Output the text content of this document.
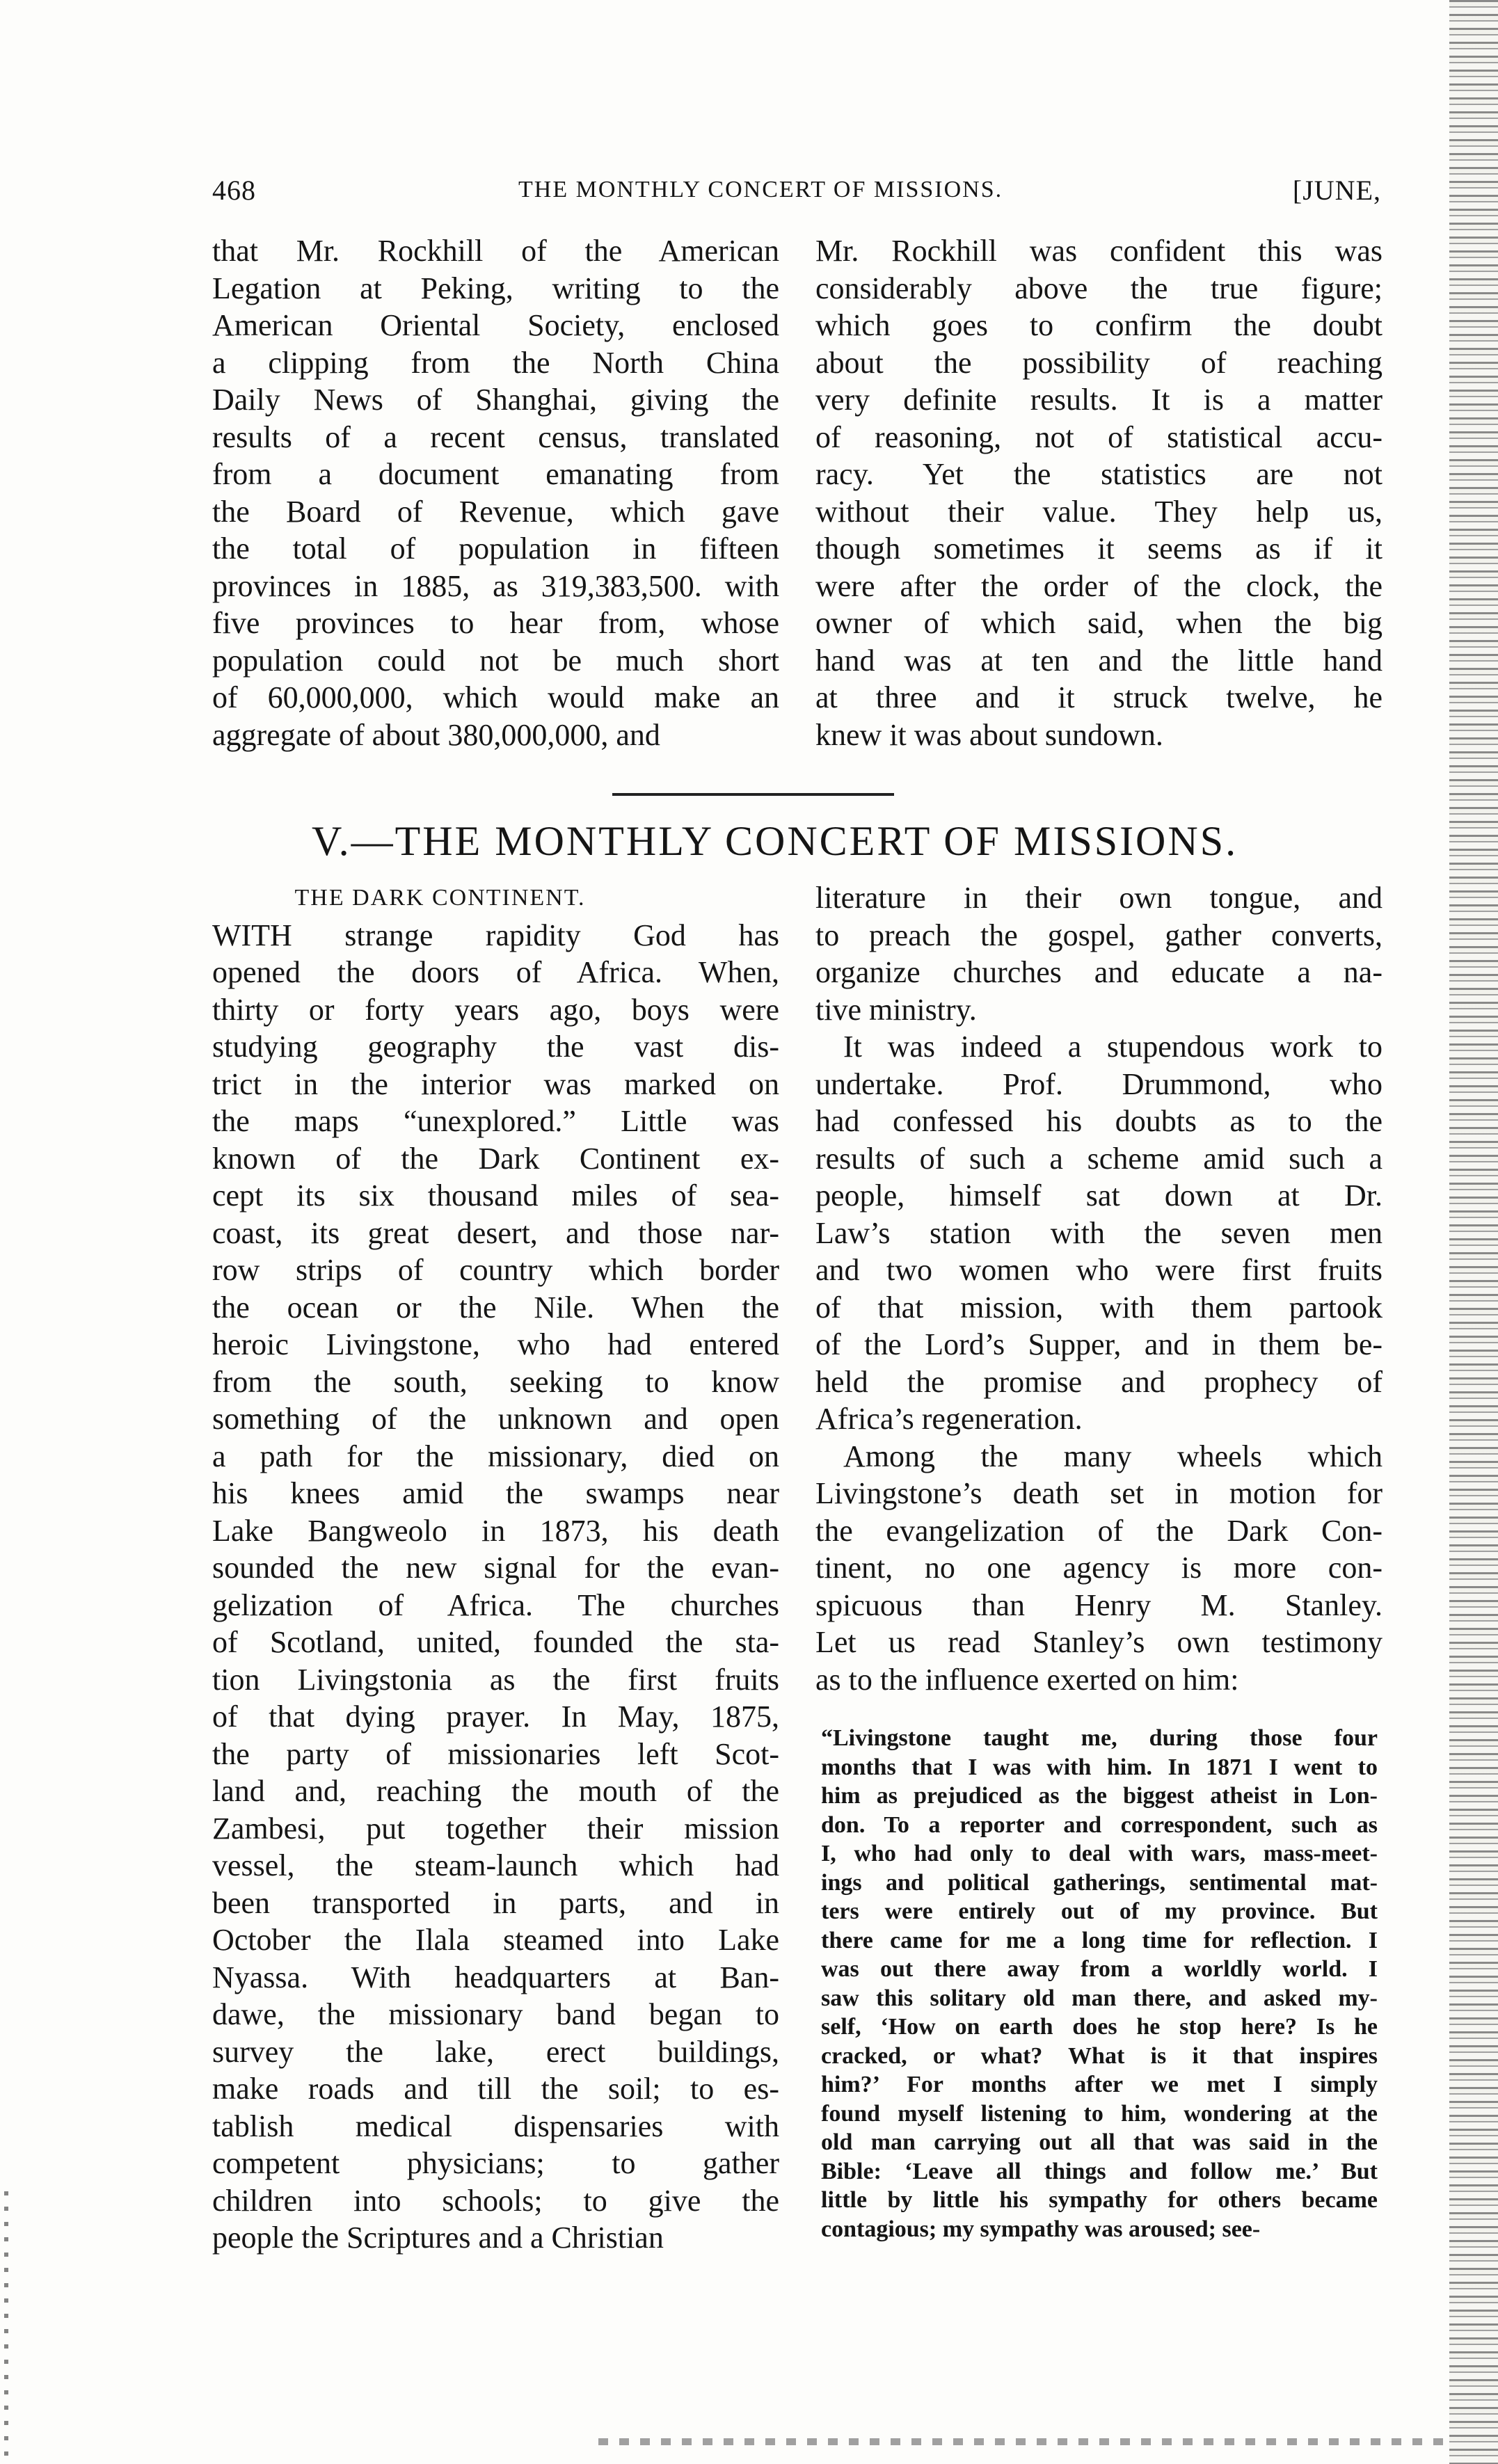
468	THE MONTHLY CONCERT OF MISSIONS.	[JUNE,
that Mr. Rockhill of the American
Legation at Peking, writing to the
American Oriental Society, enclosed
a clipping from the North China
Daily News of Shanghai, giving the
results of a recent census, translated
from a document emanating from
the Board of Revenue, which gave
the total of population in fifteen
provinces in 1885, as 319,383,500. with
five provinces to hear from, whose
population could not be much short
of 60,000,000, which would make an
aggregate of about 380,000,000, and
Mr. Rockhill was confident this was
considerably above the true figure;
which goes to confirm the doubt
about the possibility of reaching
very definite results. It is a matter
of reasoning, not of statistical accu-
racy. Yet the statistics are not
without their value. They help us,
though sometimes it seems as if it
were after the order of the clock, the
owner of which said, when the big
hand was at ten and the little hand
at three and it struck twelve, he
knew it was about sundown.
V.—THE MONTHLY CONCERT OF MISSIONS.
THE DARK CONTINENT.
WITH strange rapidity God has
opened the doors of Africa. When,
thirty or forty years ago, boys were
studying geography the vast dis-
trict in the interior was marked on
the maps “unexplored.” Little was
known of the Dark Continent ex-
cept its six thousand miles of sea-
coast, its great desert, and those nar-
row strips of country which border
the ocean or the Nile. When the
heroic Livingstone, who had entered
from the south, seeking to know
something of the unknown and open
a path for the missionary, died on
his knees amid the swamps near
Lake Bangweolo in 1873, his death
sounded the new signal for the evan-
gelization of Africa. The churches
of Scotland, united, founded the sta-
tion Livingstonia as the first fruits
of that dying prayer. In May, 1875,
the party of missionaries left Scot-
land and, reaching the mouth of the
Zambesi, put together their mission
vessel, the steam-launch which had
been transported in parts, and in
October the Ilala steamed into Lake
Nyassa. With headquarters at Ban-
dawe, the missionary band began to
survey the lake, erect buildings,
make roads and till the soil; to es-
tablish medical dispensaries with
competent physicians; to gather
children into schools; to give the
people the Scriptures and a Christian
literature in their own tongue, and
to preach the gospel, gather converts,
organize churches and educate a na-
tive ministry.
It was indeed a stupendous work to
undertake. Prof. Drummond, who
had confessed his doubts as to the
results of such a scheme amid such a
people, himself sat down at Dr.
Law’s station with the seven men
and two women who were first fruits
of that mission, with them partook
of the Lord’s Supper, and in them be-
held the promise and prophecy of
Africa’s regeneration.
Among the many wheels which
Livingstone’s death set in motion for
the evangelization of the Dark Con-
tinent, no one agency is more con-
spicuous than Henry M. Stanley.
Let us read Stanley’s own testimony
as to the influence exerted on him:
“Livingstone taught me, during those four
months that I was with him. In 1871 I went to
him as prejudiced as the biggest atheist in Lon-
don. To a reporter and correspondent, such as
I, who had only to deal with wars, mass-meet-
ings and political gatherings, sentimental mat-
ters were entirely out of my province. But
there came for me a long time for reflection. I
was out there away from a worldly world. I
saw this solitary old man there, and asked my-
self, ‘How on earth does he stop here? Is he
cracked, or what? What is it that inspires
him?’ For months after we met I simply
found myself listening to him, wondering at the
old man carrying out all that was said in the
Bible: ‘Leave all things and follow me.’ But
little by little his sympathy for others became
contagious; my sympathy was aroused; see-
